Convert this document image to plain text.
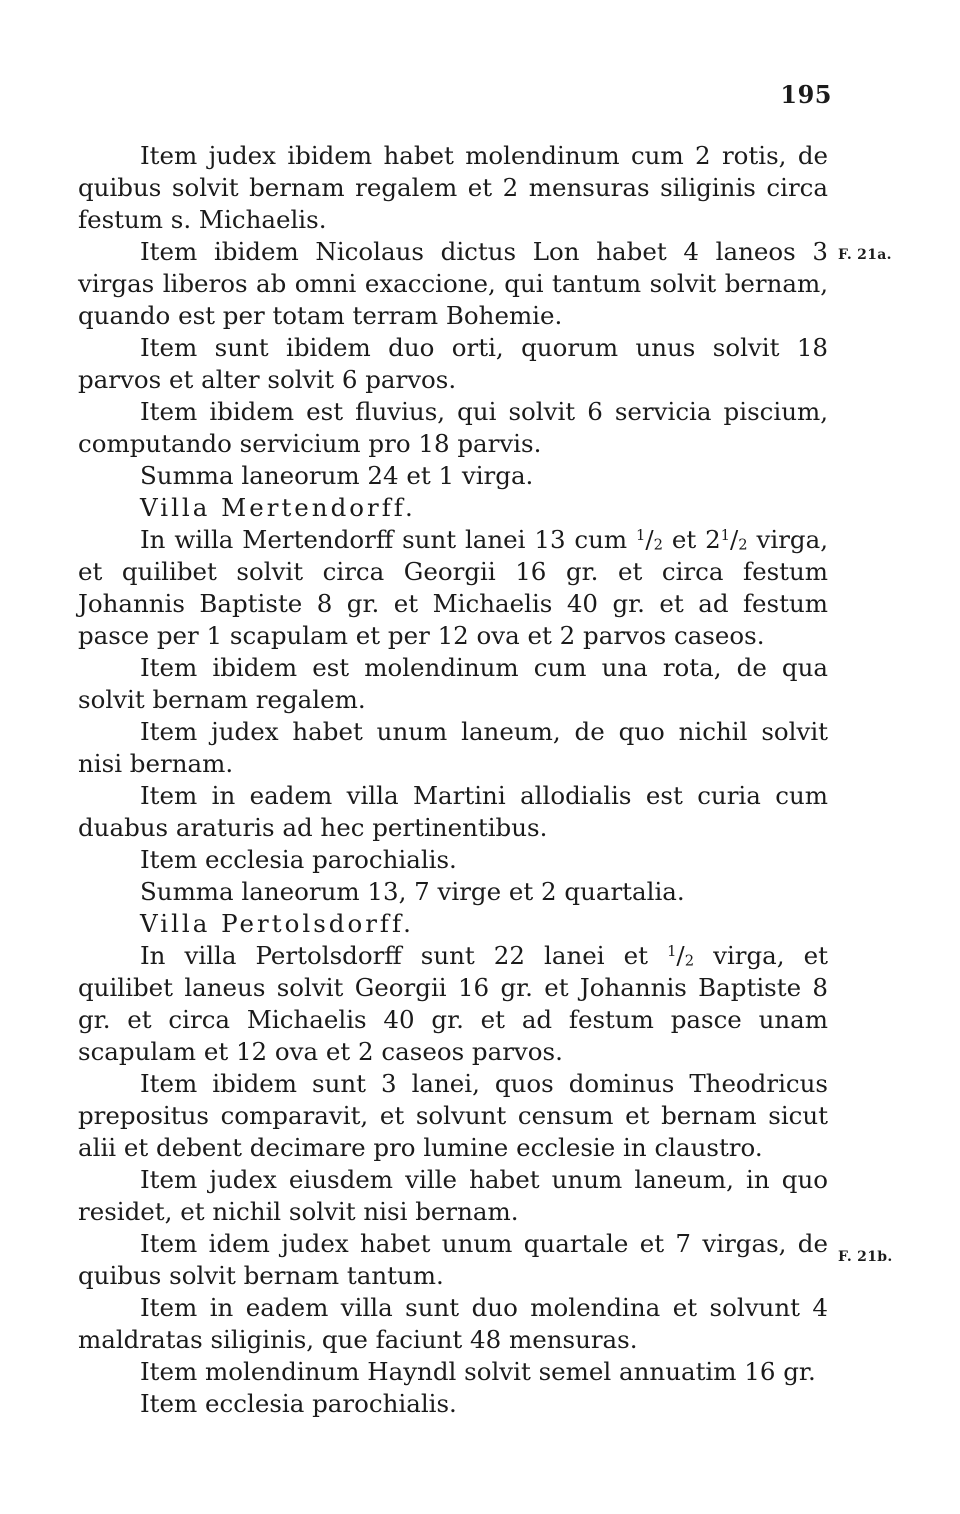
195
F. 21a.
F. 21b.

Item judex ibidem habet molendinum cum 2 rotis, de quibus solvit bernam regalem et 2 mensuras siliginis circa festum s. Michaelis.

Item ibidem Nicolaus dictus Lon habet 4 laneos 3 virgas liberos ab omni exaccione, qui tantum solvit bernam, quando est per totam terram Bohemie.

Item sunt ibidem duo orti, quorum unus solvit 18 parvos et alter solvit 6 parvos.

Item ibidem est fluvius, qui solvit 6 servicia piscium, computando servicium pro 18 parvis.

Summa laneorum 24 et 1 virga.

Villa Mertendorff.

In willa Mertendorff sunt lanei 13 cum $^1$/2 et $2^1/2$ virga, et quilibet solvit circa Georgii 16 gr. et circa festum Johannis Baptiste 8 gr. et Michaelis 40 gr. et ad festum pasce per 1 scapulam et per 12 ova et 2 parvos caseos.

Item ibidem est molendinum cum una rota, de qua solvit bernam regalem.

Item judex habet unum laneum, de quo nichil solvit nisi bernam.

Item in eadem villa Martini allodialis est curia cum duabus araturis ad hec pertinentibus.

Item ecclesia parochialis.

Summa laneorum 13, 7 virge et 2 quartalia.

Villa Pertolsdorff.

In villa Pertolsdorff sunt 22 lanei et $^1$/2 virga, et quilibet laneus solvit Georgii 16 gr. et Johannis Baptiste 8 gr. et circa Michaelis 40 gr. et ad festum pasce unam scapulam et 12 ova et 2 caseos parvos.

Item ibidem sunt 3 lanei, quos dominus Theodricus prepositus comparavit, et solvunt censum et bernam sicut alii et debent decimare pro lumine ecclesie in claustro.

Item judex eiusdem ville habet unum laneum, in quo residet, et nichil solvit nisi bernam.

Item idem judex habet unum quartale et 7 virgas, de quibus solvit bernam tantum.

Item in eadem villa sunt duo molendina et solvunt 4 maldratas siliginis, que faciunt 48 mensuras.

Item molendinum Hayndl solvit semel annuatim 16 gr.

Item ecclesia parochialis.
